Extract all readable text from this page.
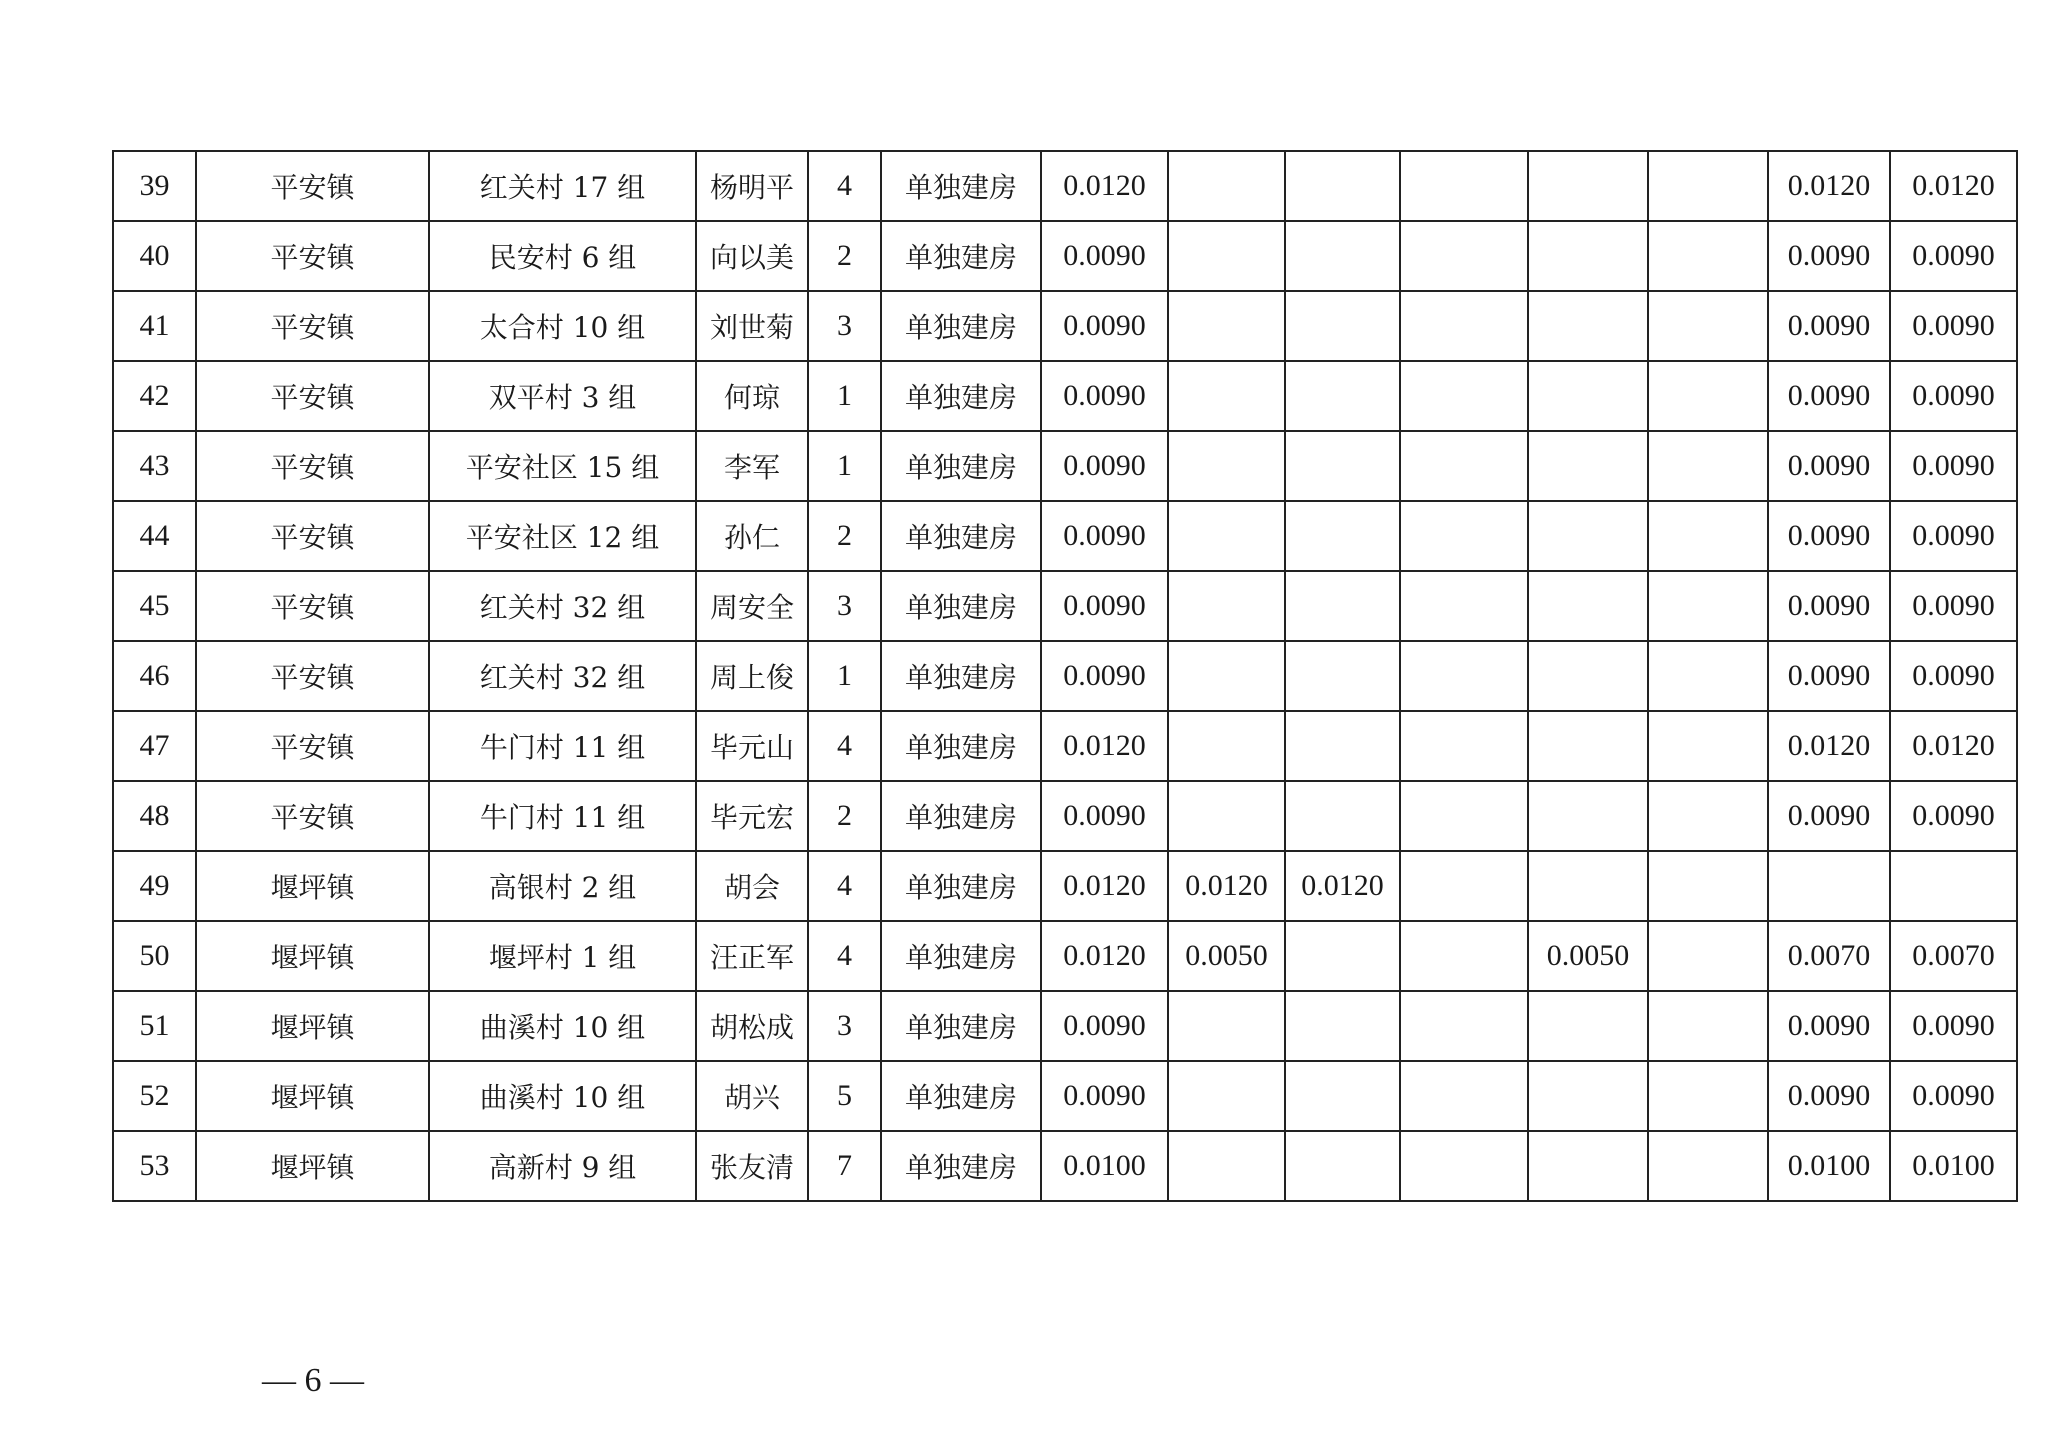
39	平安镇	红关村 17 组	杨明平	4	单独建房	0.0120						0.0120	0.0120
40	平安镇	民安村 6 组	向以美	2	单独建房	0.0090						0.0090	0.0090
41	平安镇	太合村 10 组	刘世菊	3	单独建房	0.0090						0.0090	0.0090
42	平安镇	双平村 3 组	何琼	1	单独建房	0.0090						0.0090	0.0090
43	平安镇	平安社区 15 组	李军	1	单独建房	0.0090						0.0090	0.0090
44	平安镇	平安社区 12 组	孙仁	2	单独建房	0.0090						0.0090	0.0090
45	平安镇	红关村 32 组	周安全	3	单独建房	0.0090						0.0090	0.0090
46	平安镇	红关村 32 组	周上俊	1	单独建房	0.0090						0.0090	0.0090
47	平安镇	牛门村 11 组	毕元山	4	单独建房	0.0120						0.0120	0.0120
48	平安镇	牛门村 11 组	毕元宏	2	单独建房	0.0090						0.0090	0.0090
49	堰坪镇	高银村 2 组	胡会	4	单独建房	0.0120	0.0120	0.0120					
50	堰坪镇	堰坪村 1 组	汪正军	4	单独建房	0.0120	0.0050			0.0050		0.0070	0.0070
51	堰坪镇	曲溪村 10 组	胡松成	3	单独建房	0.0090						0.0090	0.0090
52	堰坪镇	曲溪村 10 组	胡兴	5	单独建房	0.0090						0.0090	0.0090
53	堰坪镇	高新村 9 组	张友清	7	单独建房	0.0100						0.0100	0.0100
— 6 —
